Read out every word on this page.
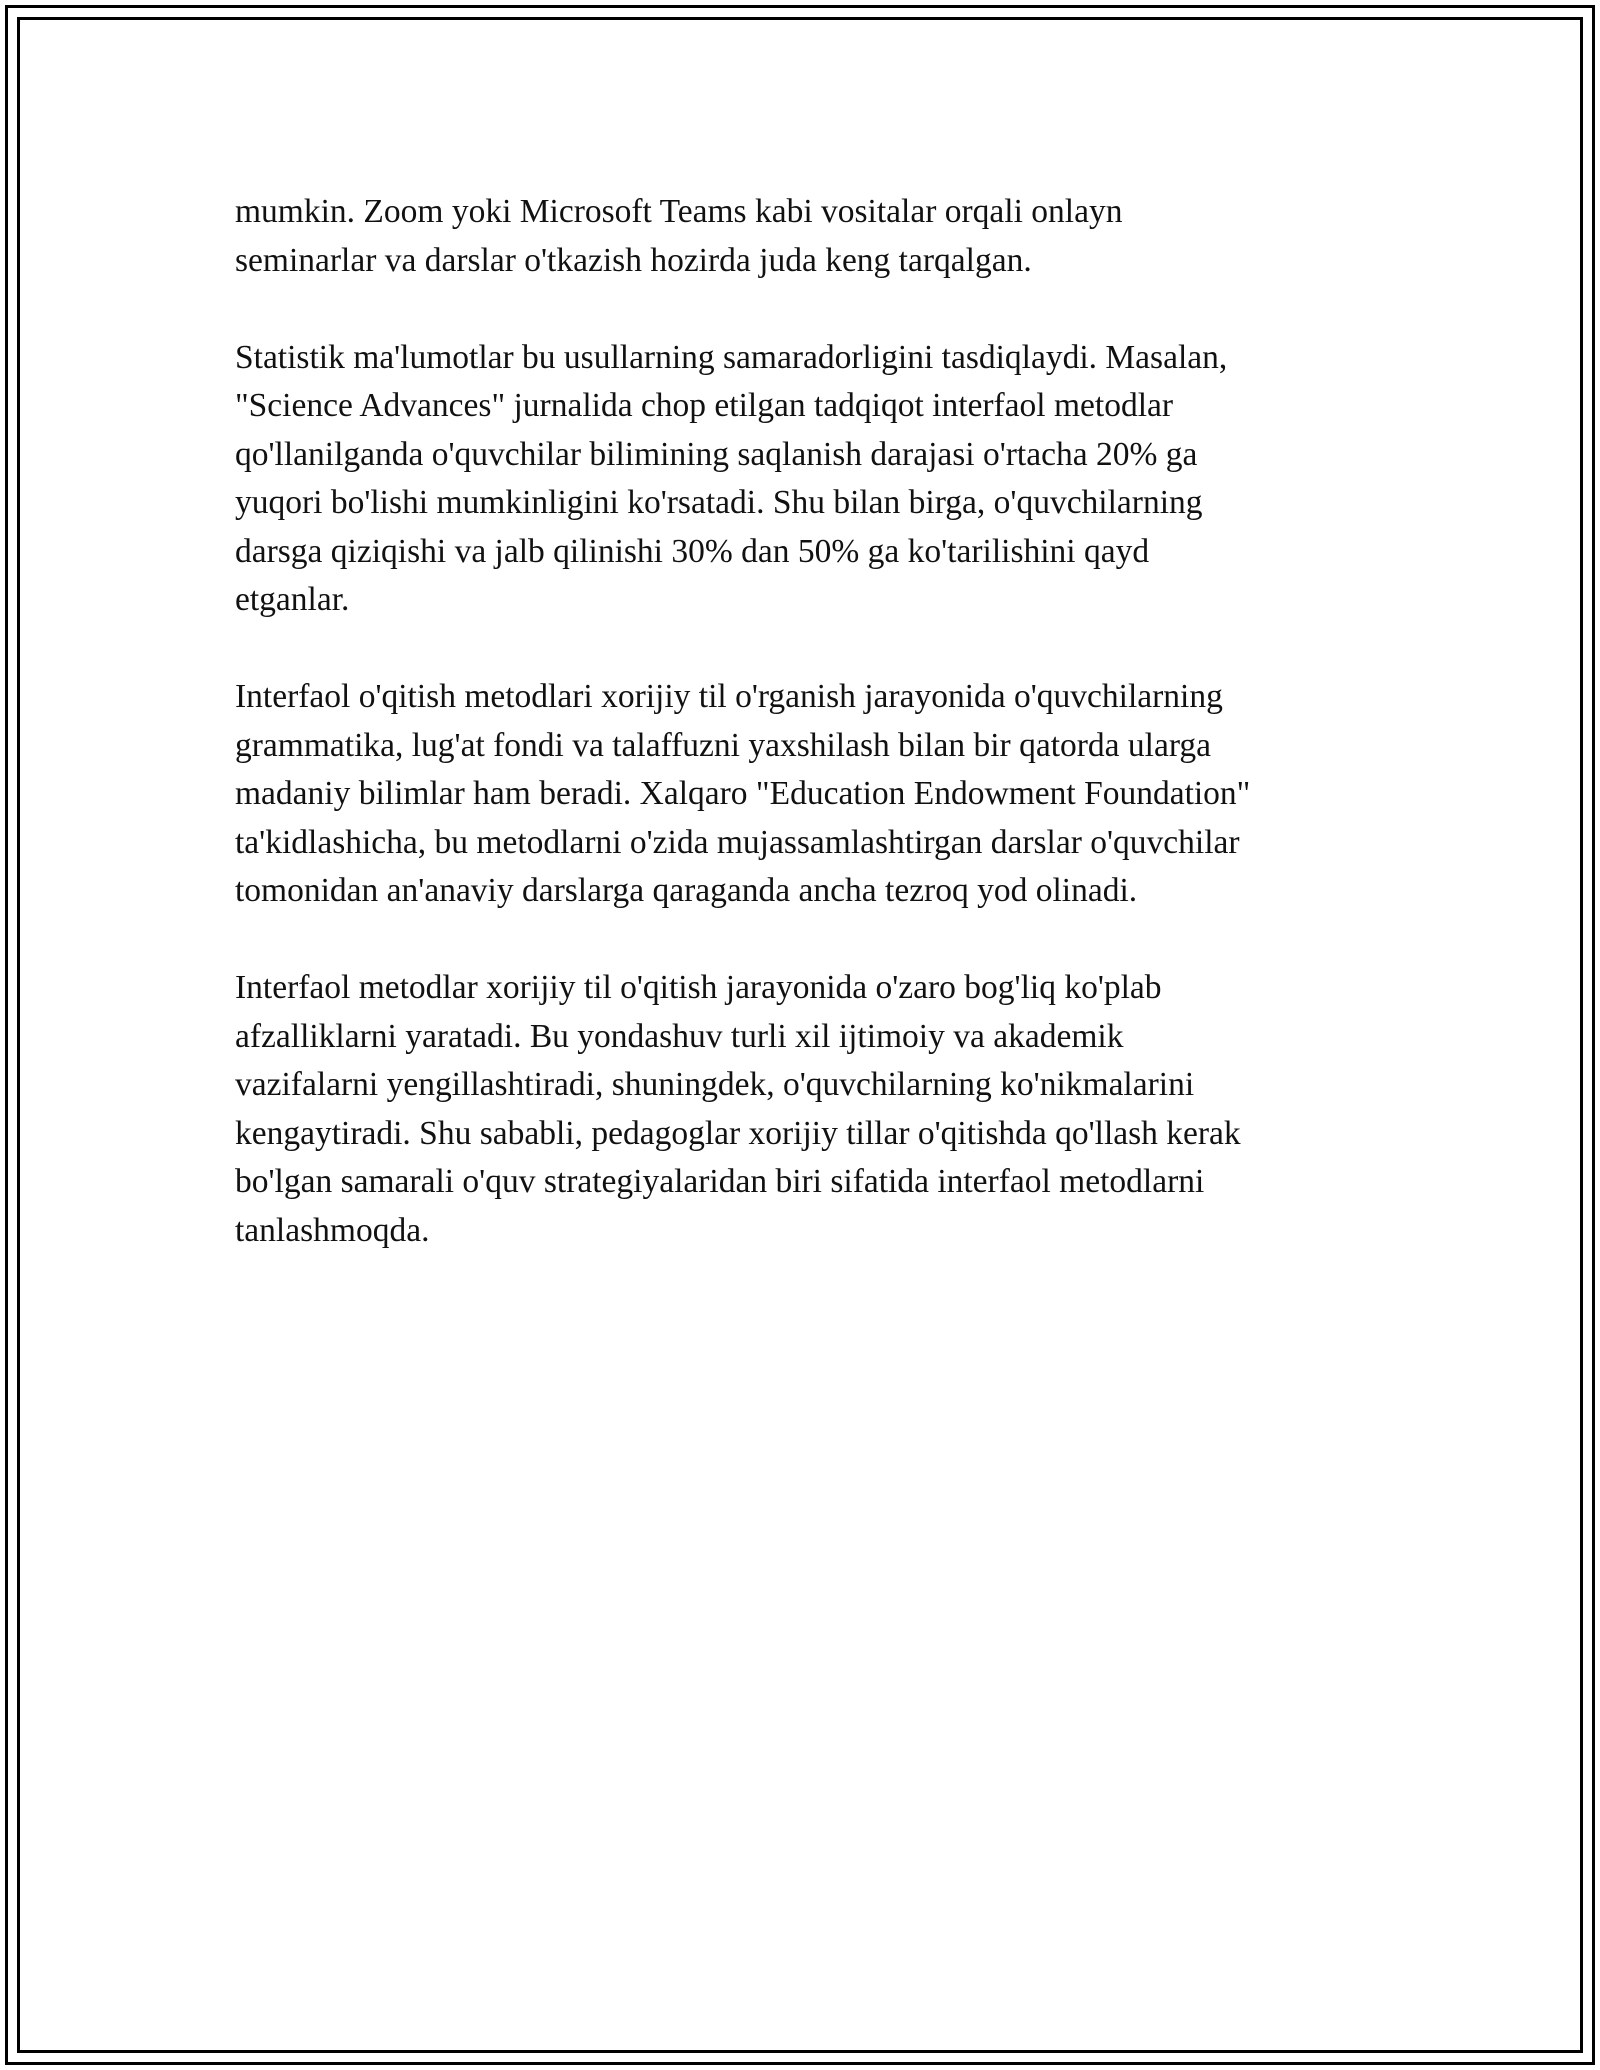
mumkin. Zoom yoki Microsoft Teams kabi vositalar orqali onlayn
seminarlar va darslar o'tkazish hozirda juda keng tarqalgan.

Statistik ma'lumotlar bu usullarning samaradorligini tasdiqlaydi. Masalan,
"Science Advances" jurnalida chop etilgan tadqiqot interfaol metodlar
qo'llanilganda o'quvchilar bilimining saqlanish darajasi o'rtacha 20% ga
yuqori bo'lishi mumkinligini ko'rsatadi. Shu bilan birga, o'quvchilarning
darsga qiziqishi va jalb qilinishi 30% dan 50% ga ko'tarilishini qayd
etganlar.

Interfaol o'qitish metodlari xorijiy til o'rganish jarayonida o'quvchilarning
grammatika, lug'at fondi va talaffuzni yaxshilash bilan bir qatorda ularga
madaniy bilimlar ham beradi. Xalqaro "Education Endowment Foundation"
ta'kidlashicha, bu metodlarni o'zida mujassamlashtirgan darslar o'quvchilar
tomonidan an'anaviy darslarga qaraganda ancha tezroq yod olinadi.

Interfaol metodlar xorijiy til o'qitish jarayonida o'zaro bog'liq ko'plab
afzalliklarni yaratadi. Bu yondashuv turli xil ijtimoiy va akademik
vazifalarni yengillashtiradi, shuningdek, o'quvchilarning ko'nikmalarini
kengaytiradi. Shu sababli, pedagoglar xorijiy tillar o'qitishda qo'llash kerak
bo'lgan samarali o'quv strategiyalaridan biri sifatida interfaol metodlarni
tanlashmoqda.
